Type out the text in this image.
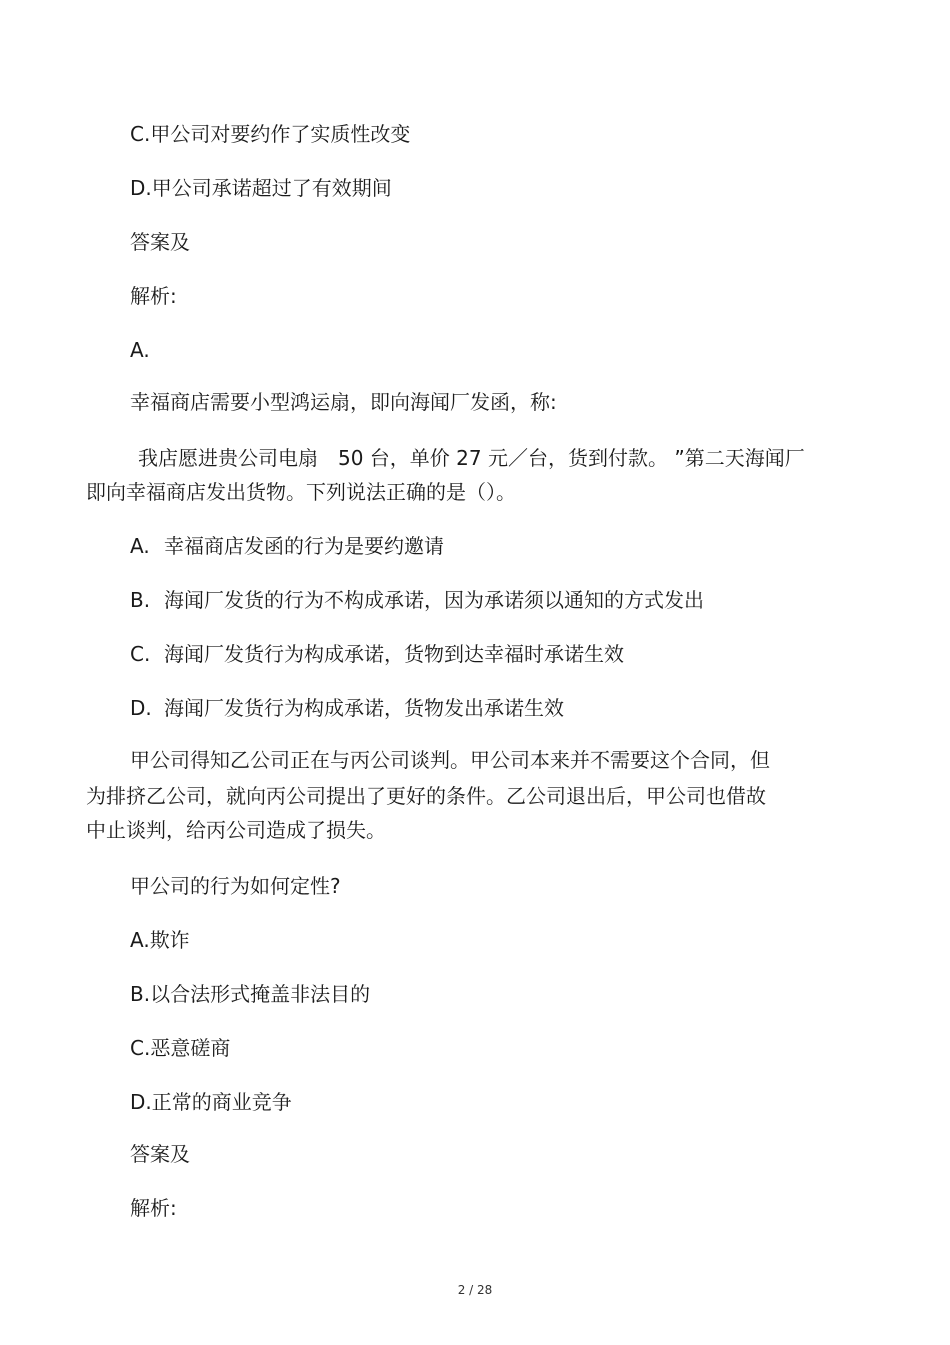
C.甲公司对要约作了实质性改变
D.甲公司承诺超过了有效期间
答案及
解析:
A.
幸福商店需要小型鸿运扇，即向海闻厂发函，称:
我店愿进贵公司电扇　50 台，单价 27 元／台，货到付款。 ”第二天海闻厂
即向幸福商店发出货物。下列说法正确的是（）。
A. 幸福商店发函的行为是要约邀请
B. 海闻厂发货的行为不构成承诺，因为承诺须以通知的方式发出
C. 海闻厂发货行为构成承诺，货物到达幸福时承诺生效
D. 海闻厂发货行为构成承诺，货物发出承诺生效
甲公司得知乙公司正在与丙公司谈判。甲公司本来并不需要这个合同，但
为排挤乙公司，就向丙公司提出了更好的条件。乙公司退出后，甲公司也借故
中止谈判，给丙公司造成了损失。
甲公司的行为如何定性?
A.欺诈
B.以合法形式掩盖非法目的
C.恶意磋商
D.正常的商业竞争
答案及
解析:
2 / 28
